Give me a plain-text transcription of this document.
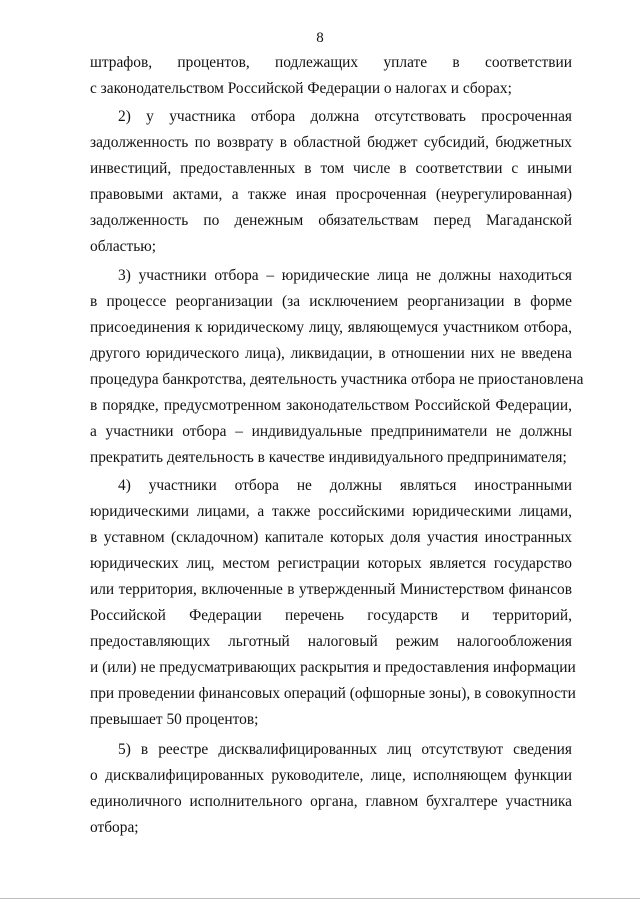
8

штрафов, процентов, подлежащих уплате в соответствии
с законодательством Российской Федерации о налогах и сборах;

2) у участника отбора должна отсутствовать просроченная
задолженность по возврату в областной бюджет субсидий, бюджетных
инвестиций, предоставленных в том числе в соответствии с иными
правовыми актами, а также иная просроченная (неурегулированная)
задолженность по денежным обязательствам перед Магаданской
областью;

3) участники отбора – юридические лица не должны находиться
в процессе реорганизации (за исключением реорганизации в форме
присоединения к юридическому лицу, являющемуся участником отбора,
другого юридического лица), ликвидации, в отношении них не введена
процедура банкротства, деятельность участника отбора не приостановлена
в порядке, предусмотренном законодательством Российской Федерации,
а участники отбора – индивидуальные предприниматели не должны
прекратить деятельность в качестве индивидуального предпринимателя;

4) участники отбора не должны являться иностранными
юридическими лицами, а также российскими юридическими лицами,
в уставном (складочном) капитале которых доля участия иностранных
юридических лиц, местом регистрации которых является государство
или территория, включенные в утвержденный Министерством финансов
Российской Федерации перечень государств и территорий,
предоставляющих льготный налоговый режим налогообложения
и (или) не предусматривающих раскрытия и предоставления информации
при проведении финансовых операций (офшорные зоны), в совокупности
превышает 50 процентов;

5) в реестре дисквалифицированных лиц отсутствуют сведения
о дисквалифицированных руководителе, лице, исполняющем функции
единоличного исполнительного органа, главном бухгалтере участника
отбора;
